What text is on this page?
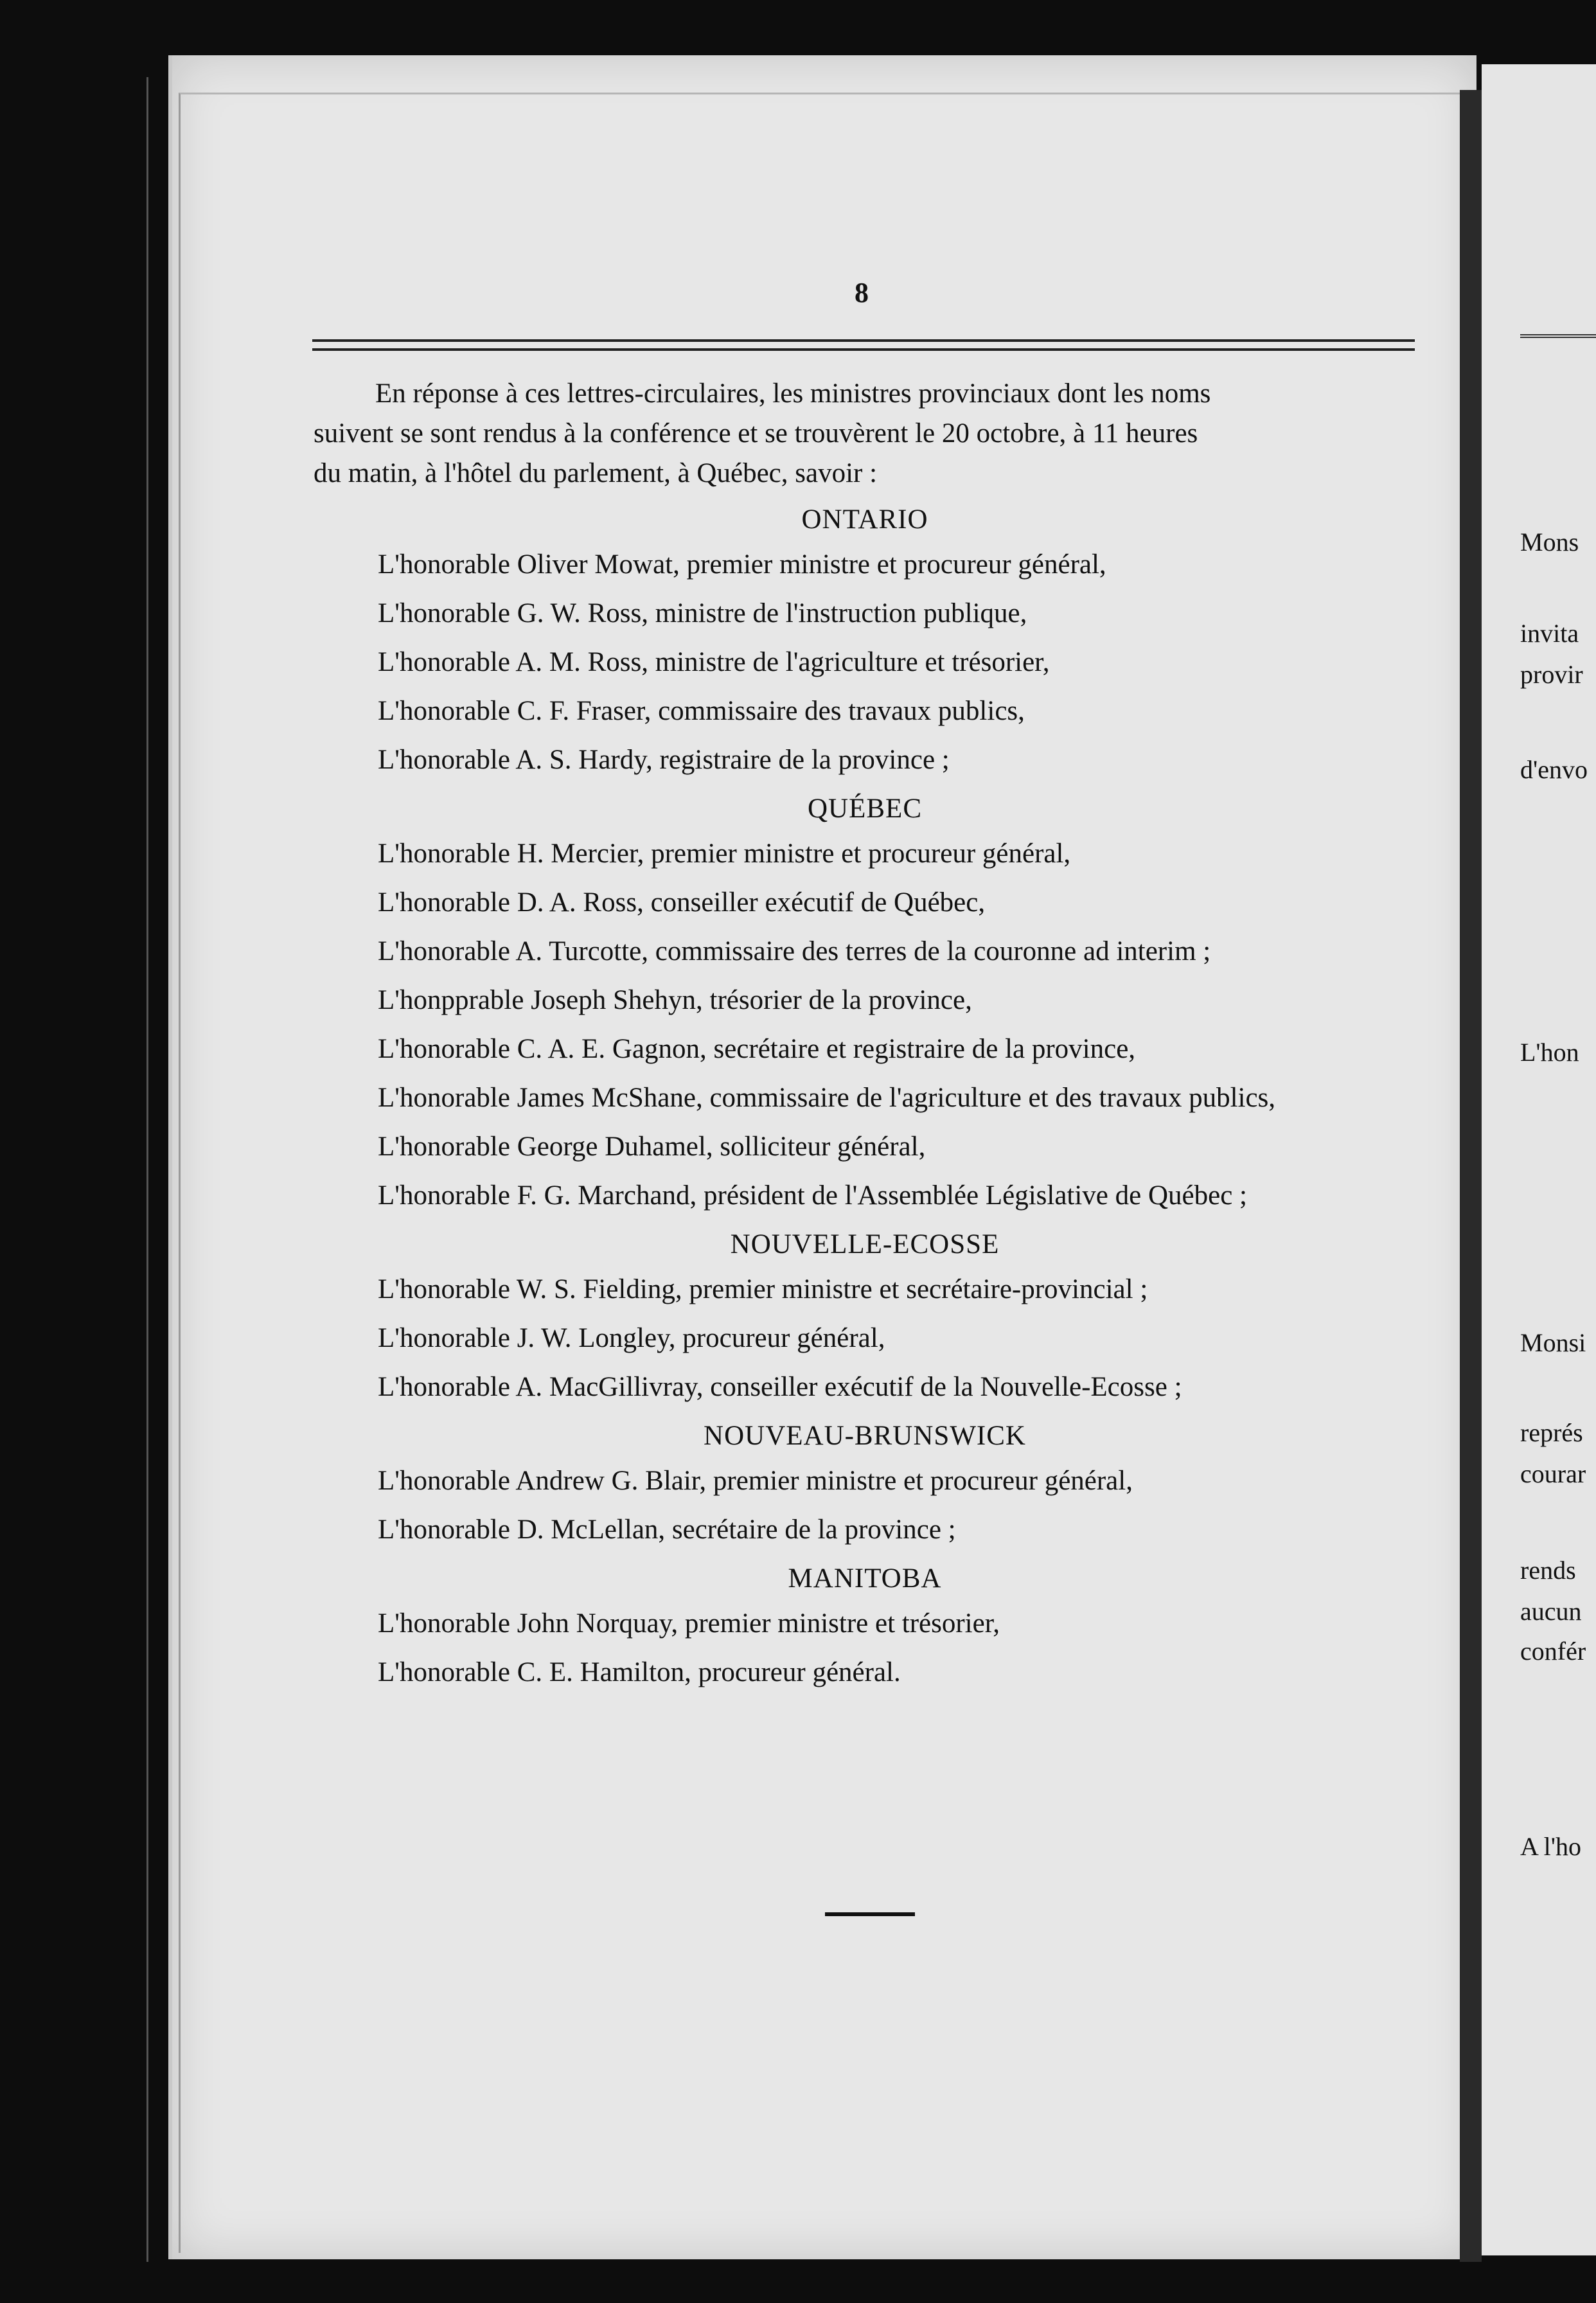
Mons
invita
provir
d'envo
L'hon
Monsi
représ
courar
rends
aucun
confér
A l'ho
8
En réponse à ces lettres-circulaires, les ministres provinciaux dont les noms
suivent se sont rendus à la conférence et se trouvèrent le 20 octobre, à 11 heures
du matin, à l'hôtel du parlement, à Québec, savoir :
ONTARIO
L'honorable Oliver Mowat, premier ministre et procureur général,
L'honorable G. W. Ross, ministre de l'instruction publique,
L'honorable A. M. Ross, ministre de l'agriculture et trésorier,
L'honorable C. F. Fraser, commissaire des travaux publics,
L'honorable A. S. Hardy, registraire de la province ;
QUÉBEC
L'honorable H. Mercier, premier ministre et procureur général,
L'honorable D. A. Ross, conseiller exécutif de Québec,
L'honorable A. Turcotte, commissaire des terres de la couronne ad interim ;
L'honpprable Joseph Shehyn, trésorier de la province,
L'honorable C. A. E. Gagnon, secrétaire et registraire de la province,
L'honorable James McShane, commissaire de l'agriculture et des travaux publics,
L'honorable George Duhamel, solliciteur général,
L'honorable F. G. Marchand, président de l'Assemblée Législative de Québec ;
NOUVELLE-ECOSSE
L'honorable W. S. Fielding, premier ministre et secrétaire-provincial ;
L'honorable J. W. Longley, procureur général,
L'honorable A. MacGillivray, conseiller exécutif de la Nouvelle-Ecosse ;
NOUVEAU-BRUNSWICK
L'honorable Andrew G. Blair, premier ministre et procureur général,
L'honorable D. McLellan, secrétaire de la province ;
MANITOBA
L'honorable John Norquay, premier ministre et trésorier,
L'honorable C. E. Hamilton, procureur général.
